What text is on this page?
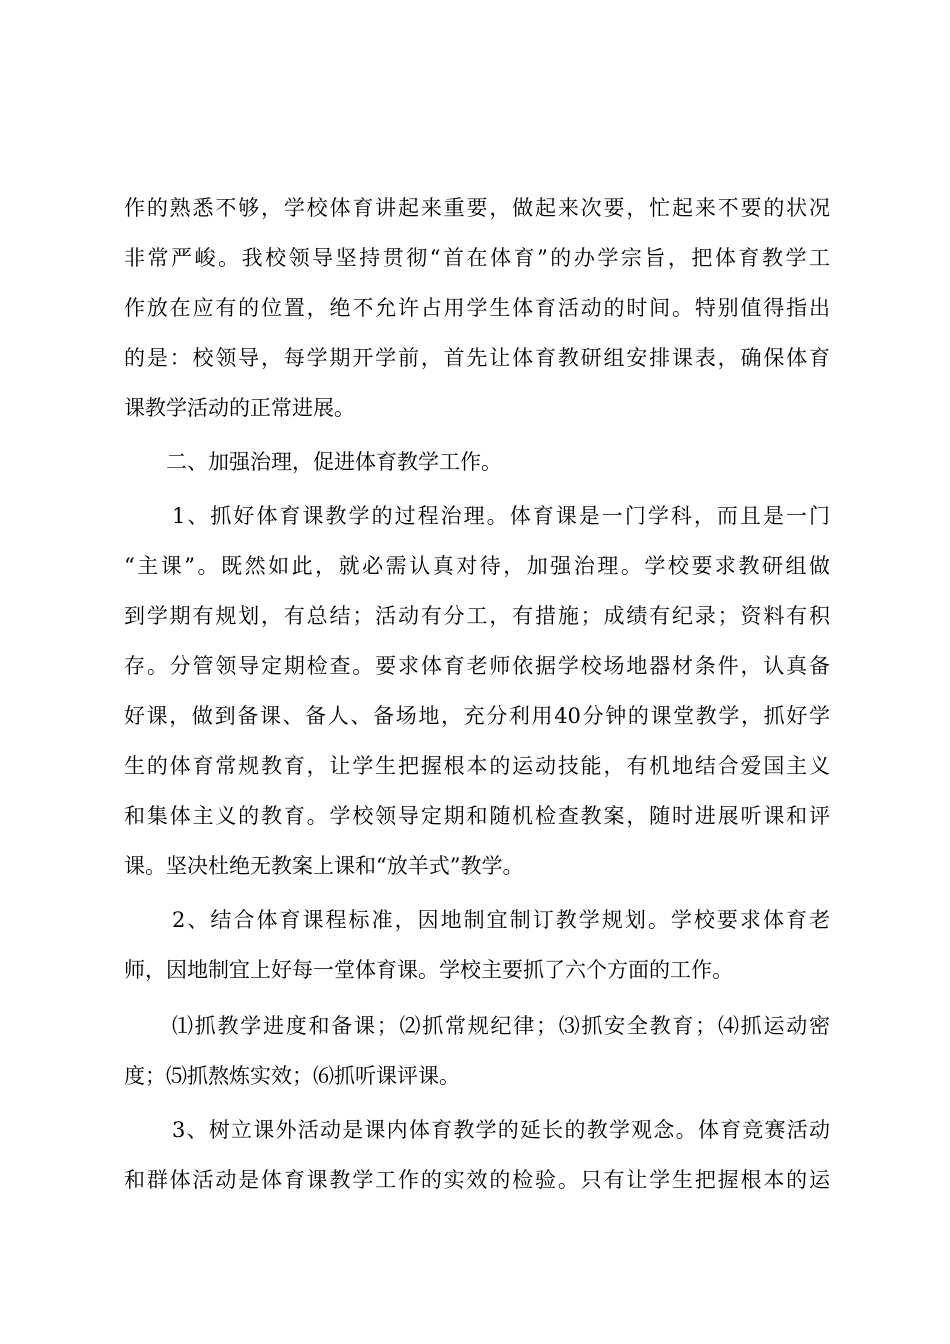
作的熟悉不够，学校体育讲起来重要，做起来次要，忙起来不要的状况
非常严峻。我校领导坚持贯彻“首在体育”的办学宗旨，把体育教学工
作放在应有的位置，绝不允许占用学生体育活动的时间。特别值得指出
的是：校领导，每学期开学前，首先让体育教研组安排课表，确保体育
课教学活动的正常进展。
二、加强治理，促进体育教学工作。
1、抓好体育课教学的过程治理。体育课是一门学科，而且是一门
“主课”。既然如此，就必需认真对待，加强治理。学校要求教研组做
到学期有规划，有总结；活动有分工，有措施；成绩有纪录；资料有积
存。分管领导定期检查。要求体育老师依据学校场地器材条件，认真备
好课，做到备课、备人、备场地，充分利用40分钟的课堂教学，抓好学
生的体育常规教育，让学生把握根本的运动技能，有机地结合爱国主义
和集体主义的教育。学校领导定期和随机检查教案，随时进展听课和评
课。坚决杜绝无教案上课和“放羊式”教学。
2、结合体育课程标准，因地制宜制订教学规划。学校要求体育老
师，因地制宜上好每一堂体育课。学校主要抓了六个方面的工作。
⑴抓教学进度和备课；⑵抓常规纪律；⑶抓安全教育；⑷抓运动密
度；⑸抓熬炼实效；⑹抓听课评课。
3、树立课外活动是课内体育教学的延长的教学观念。体育竞赛活动
和群体活动是体育课教学工作的实效的检验。只有让学生把握根本的运
